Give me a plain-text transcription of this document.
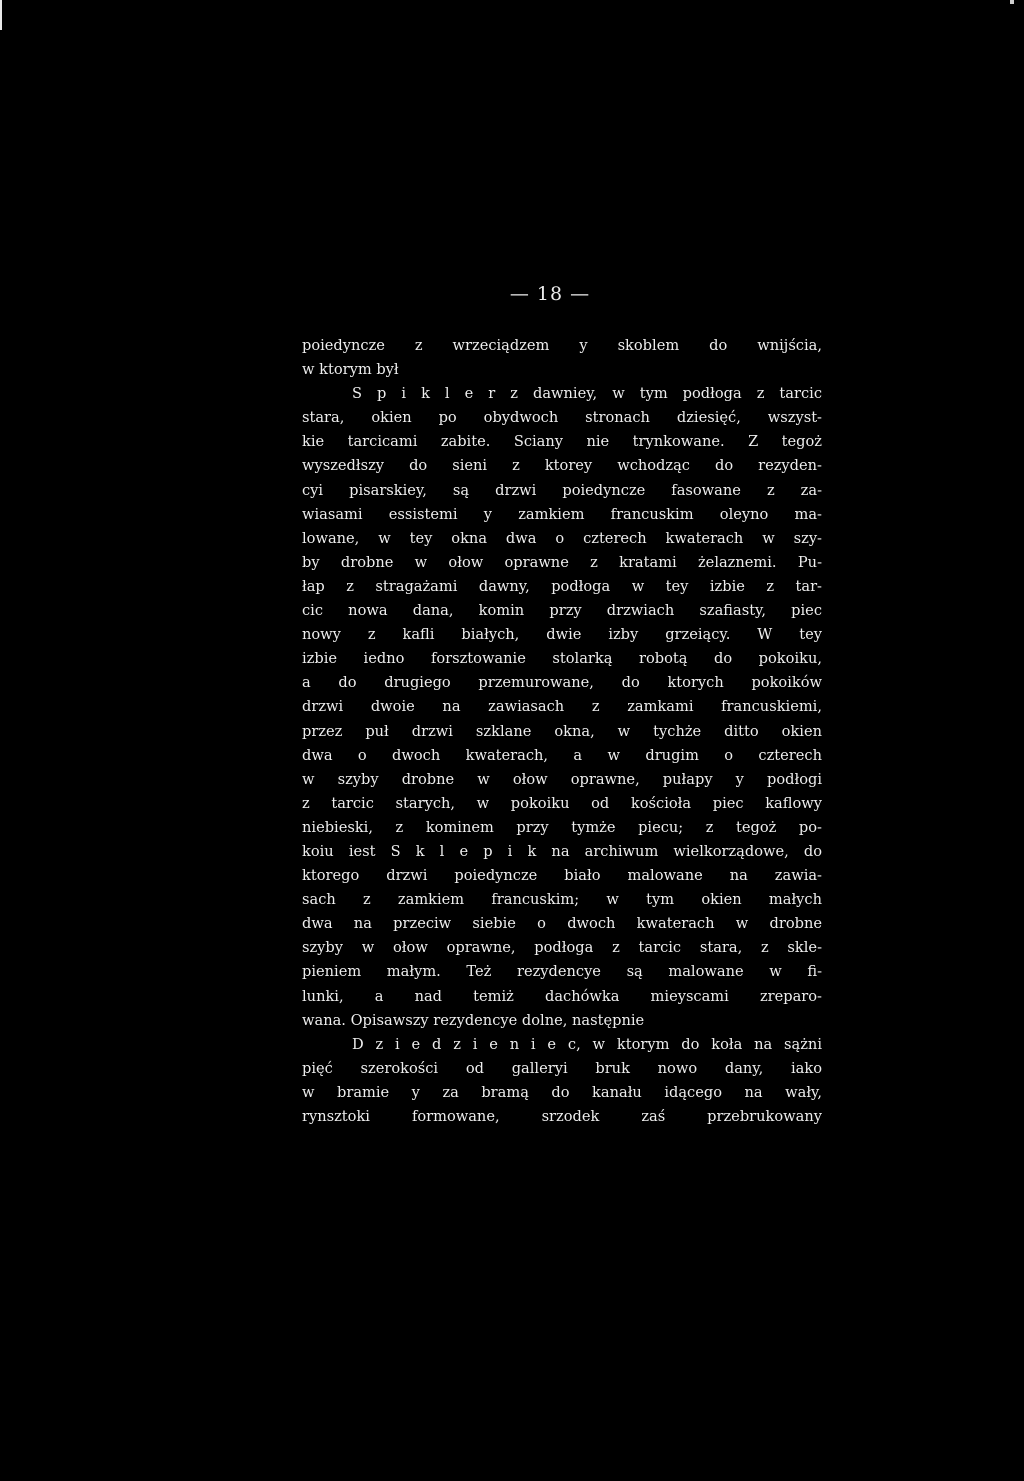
— 18 —
poiedyncze z wrzeciądzem y skoblem do wnijścia,
w ktorym był
S p i k l e r z dawniey, w tym podłoga z tarcic
stara, okien po obydwoch stronach dziesięć, wszyst-
kie tarcicami zabite. Sciany nie trynkowane. Z tegoż
wyszedłszy do sieni z ktorey wchodząc do rezyden-
cyi pisarskiey, są drzwi poiedyncze fasowane z za-
wiasami essistemi y zamkiem francuskim oleyno ma-
lowane, w tey okna dwa o czterech kwaterach w szy-
by drobne w ołow oprawne z kratami żelaznemi. Pu-
łap z stragażami dawny, podłoga w tey izbie z tar-
cic nowa dana, komin przy drzwiach szafiasty, piec
nowy z kafli białych, dwie izby grzeiący. W tey
izbie iedno forsztowanie stolarką robotą do pokoiku,
a do drugiego przemurowane, do ktorych pokoików
drzwi dwoie na zawiasach z zamkami francuskiemi,
przez puł drzwi szklane okna, w tychże ditto okien
dwa o dwoch kwaterach, a w drugim o czterech
w szyby drobne w ołow oprawne, pułapy y podłogi
z tarcic starych, w pokoiku od kościoła piec kaflowy
niebieski, z kominem przy tymże piecu; z tegoż po-
koiu iest S k l e p i k na archiwum wielkorządowe, do
ktorego drzwi poiedyncze biało malowane na zawia-
sach z zamkiem francuskim; w tym okien małych
dwa na przeciw siebie o dwoch kwaterach w drobne
szyby w ołow oprawne, podłoga z tarcic stara, z skle-
pieniem małym. Też rezydencye są malowane w fi-
lunki, a nad temiż dachówka mieyscami zreparo-
wana. Opisawszy rezydencye dolne, następnie
D z i e d z i e n i e c, w ktorym do koła na sążni
pięć szerokości od galleryi bruk nowo dany, iako
w bramie y za bramą do kanału idącego na wały,
rynsztoki formowane, srzodek zaś przebrukowany
